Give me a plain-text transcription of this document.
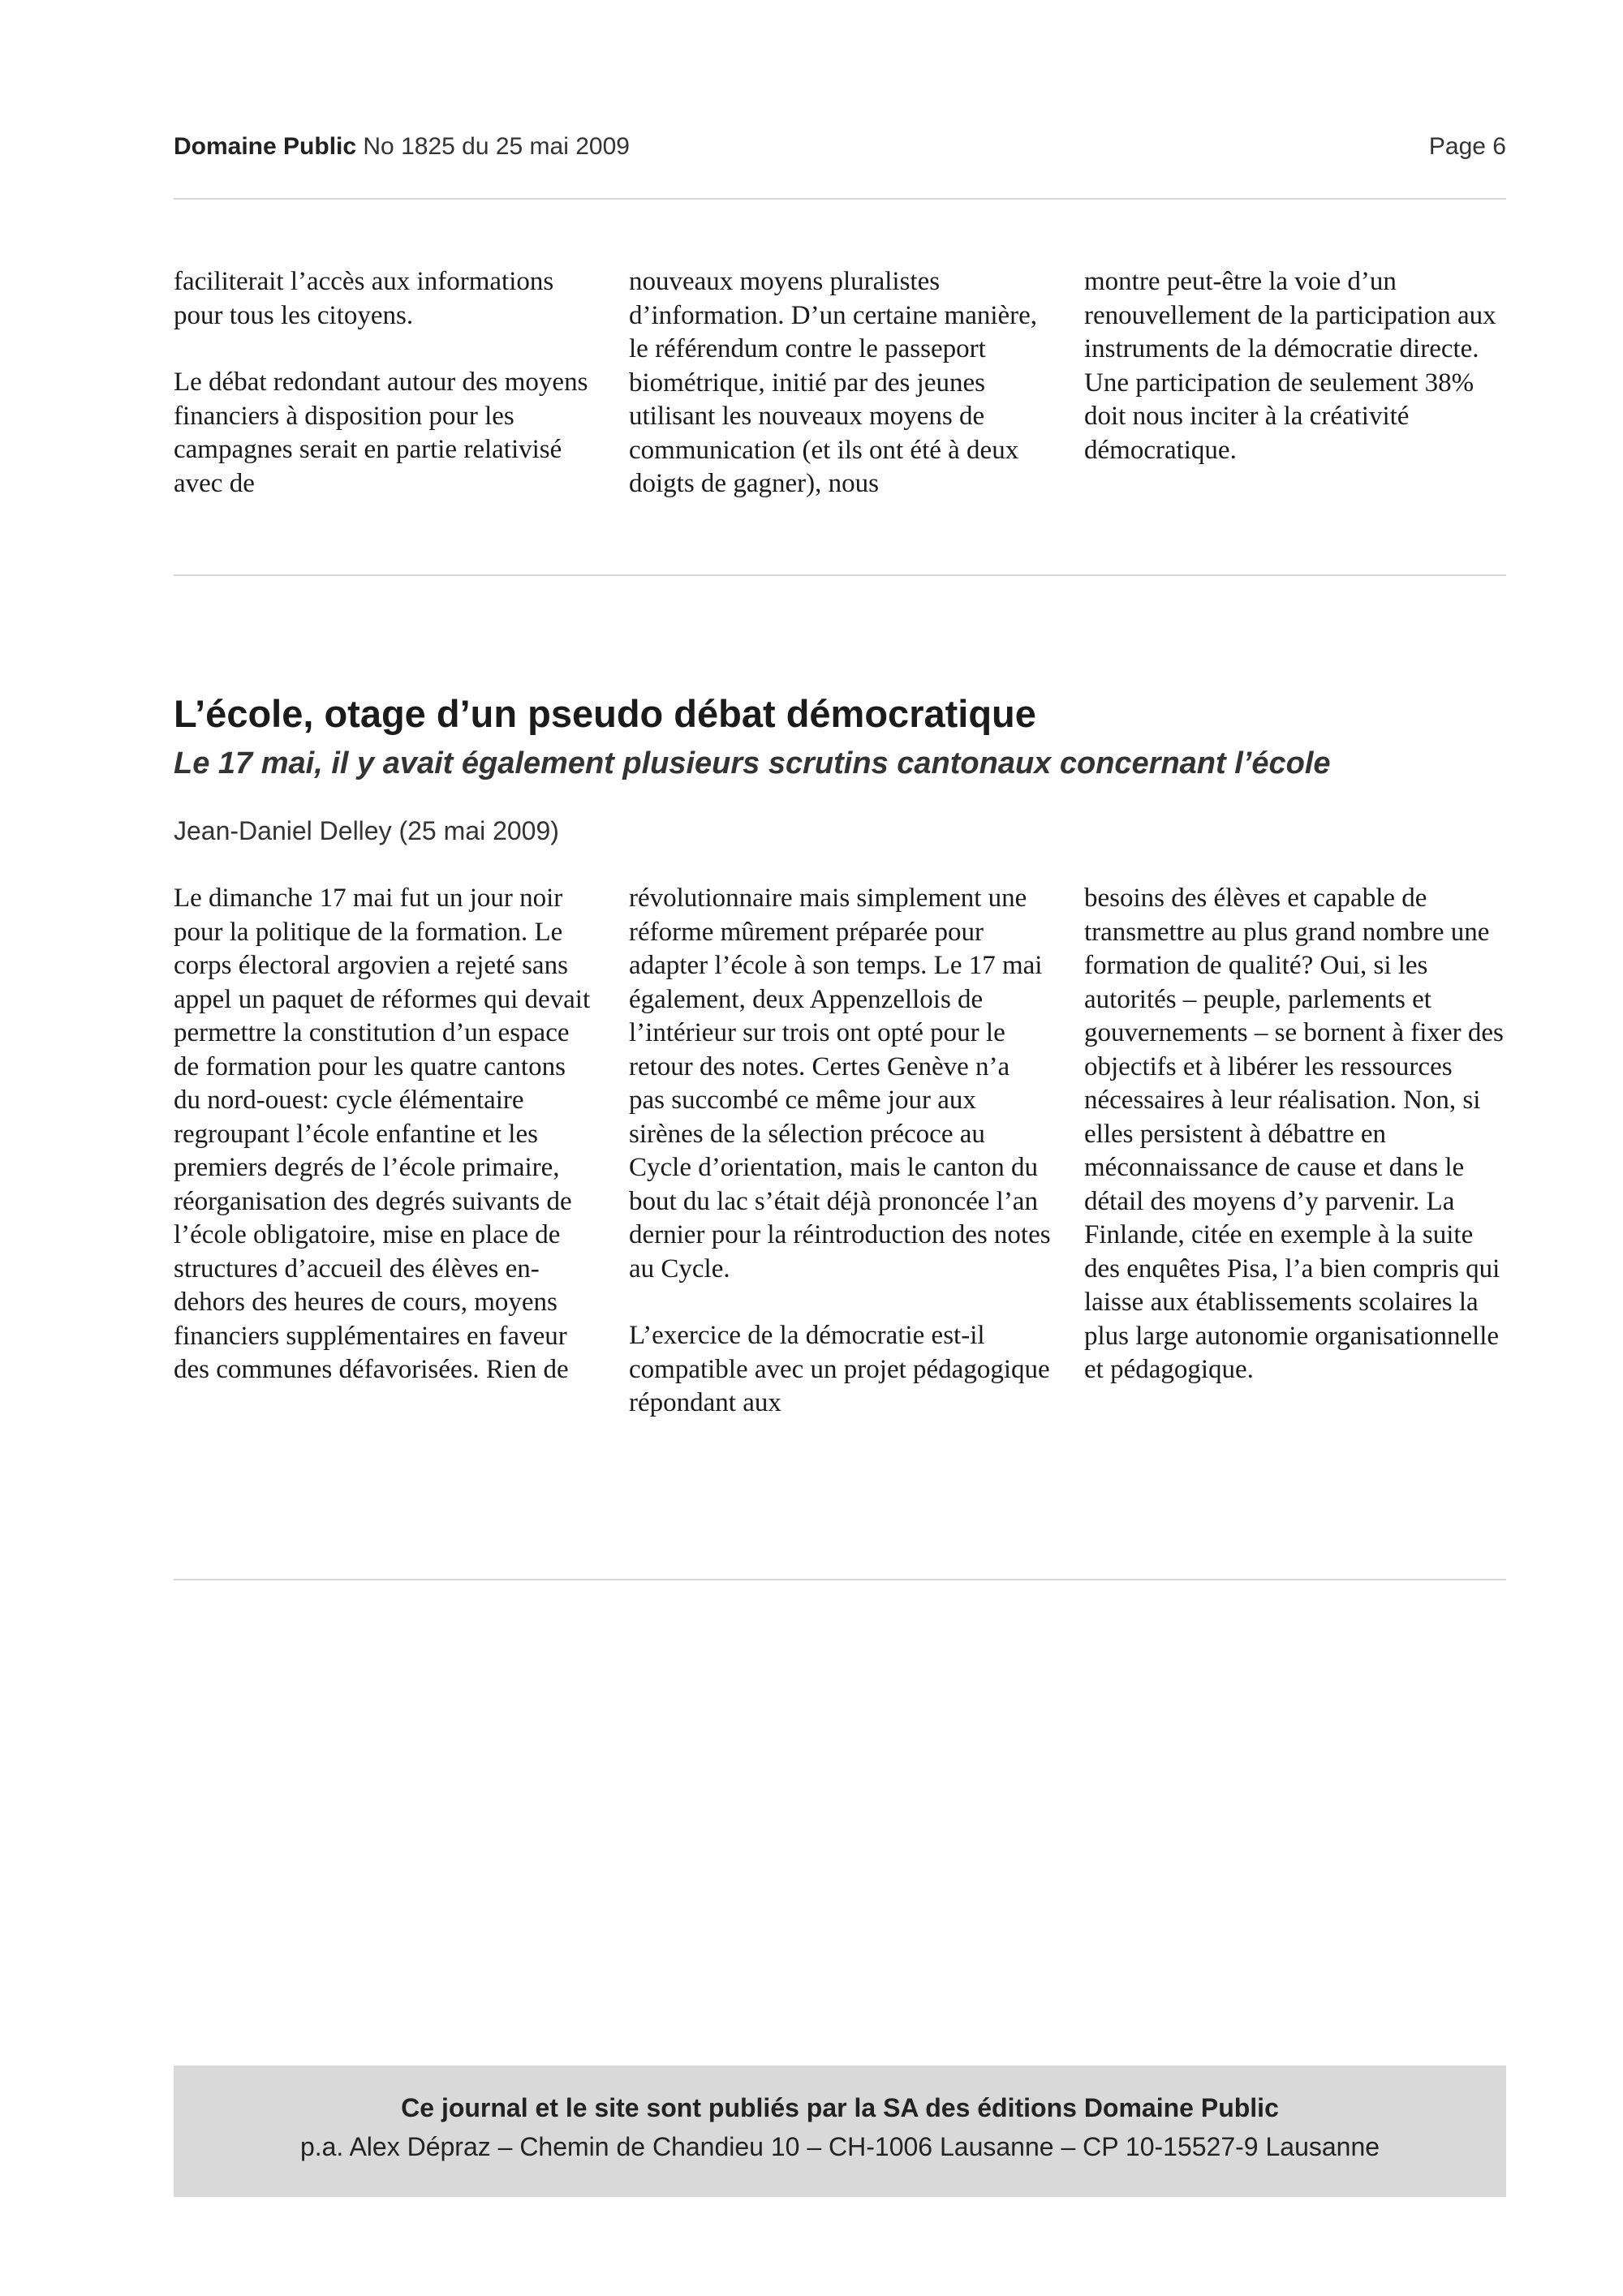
Domaine Public No 1825 du 25 mai 2009	Page 6

faciliterait l’accès aux informations pour tous les citoyens.

Le débat redondant autour des moyens financiers à disposition pour les campagnes serait en partie relativisé avec de

nouveaux moyens pluralistes d’information. D’un certaine manière, le référendum contre le passeport biométrique, initié par des jeunes utilisant les nouveaux moyens de communication (et ils ont été à deux doigts de gagner), nous

montre peut-être la voie d’un renouvellement de la participation aux instruments de la démocratie directe. Une participation de seulement 38% doit nous inciter à la créativité démocratique.

L’école, otage d’un pseudo débat démocratique
Le 17 mai, il y avait également plusieurs scrutins cantonaux concernant l’école
Jean-Daniel Delley (25 mai 2009)

Le dimanche 17 mai fut un jour noir pour la politique de la formation. Le corps électoral argovien a rejeté sans appel un paquet de réformes qui devait permettre la constitution d’un espace de formation pour les quatre cantons du nord-ouest: cycle élémentaire regroupant l’école enfantine et les premiers degrés de l’école primaire, réorganisation des degrés suivants de l’école obligatoire, mise en place de structures d’accueil des élèves en-dehors des heures de cours, moyens financiers supplémentaires en faveur des communes défavorisées. Rien de

révolutionnaire mais simplement une réforme mûrement préparée pour adapter l’école à son temps. Le 17 mai également, deux Appenzellois de l’intérieur sur trois ont opté pour le retour des notes. Certes Genève n’a pas succombé ce même jour aux sirènes de la sélection précoce au Cycle d’orientation, mais le canton du bout du lac s’était déjà prononcée l’an dernier pour la réintroduction des notes au Cycle.

L’exercice de la démocratie est-il compatible avec un projet pédagogique répondant aux

besoins des élèves et capable de transmettre au plus grand nombre une formation de qualité? Oui, si les autorités – peuple, parlements et gouvernements – se bornent à fixer des objectifs et à libérer les ressources nécessaires à leur réalisation. Non, si elles persistent à débattre en méconnaissance de cause et dans le détail des moyens d’y parvenir. La Finlande, citée en exemple à la suite des enquêtes Pisa, l’a bien compris qui laisse aux établissements scolaires la plus large autonomie organisationnelle et pédagogique.

Ce journal et le site sont publiés par la SA des éditions Domaine Public
p.a. Alex Dépraz – Chemin de Chandieu 10 – CH-1006 Lausanne – CP 10-15527-9 Lausanne
